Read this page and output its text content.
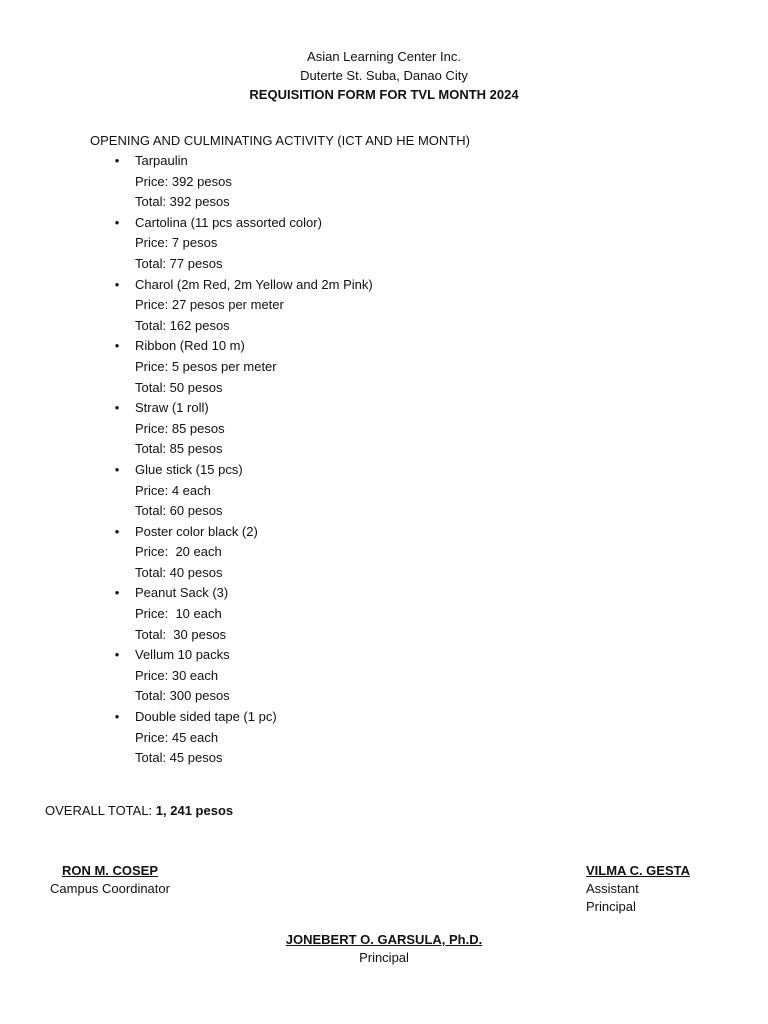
Asian Learning Center Inc.
Duterte St. Suba, Danao City
REQUISITION FORM FOR TVL MONTH 2024
OPENING AND CULMINATING ACTIVITY (ICT AND HE MONTH)
• Tarpaulin
Price: 392 pesos
Total: 392 pesos
• Cartolina (11 pcs assorted color)
Price: 7 pesos
Total: 77 pesos
• Charol (2m Red, 2m Yellow and 2m Pink)
Price: 27 pesos per meter
Total: 162 pesos
• Ribbon (Red 10 m)
Price: 5 pesos per meter
Total: 50 pesos
• Straw (1 roll)
Price: 85 pesos
Total: 85 pesos
• Glue stick (15 pcs)
Price: 4 each
Total: 60 pesos
• Poster color black (2)
Price:  20 each
Total: 40 pesos
• Peanut Sack (3)
Price:  10 each
Total:  30 pesos
• Vellum 10 packs
Price: 30 each
Total: 300 pesos
• Double sided tape (1 pc)
Price: 45 each
Total: 45 pesos
OVERALL TOTAL: 1, 241 pesos
RON M. COSEP
Campus Coordinator
VILMA C. GESTA
Assistant Principal
JONEBERT O. GARSULA, Ph.D.
Principal
